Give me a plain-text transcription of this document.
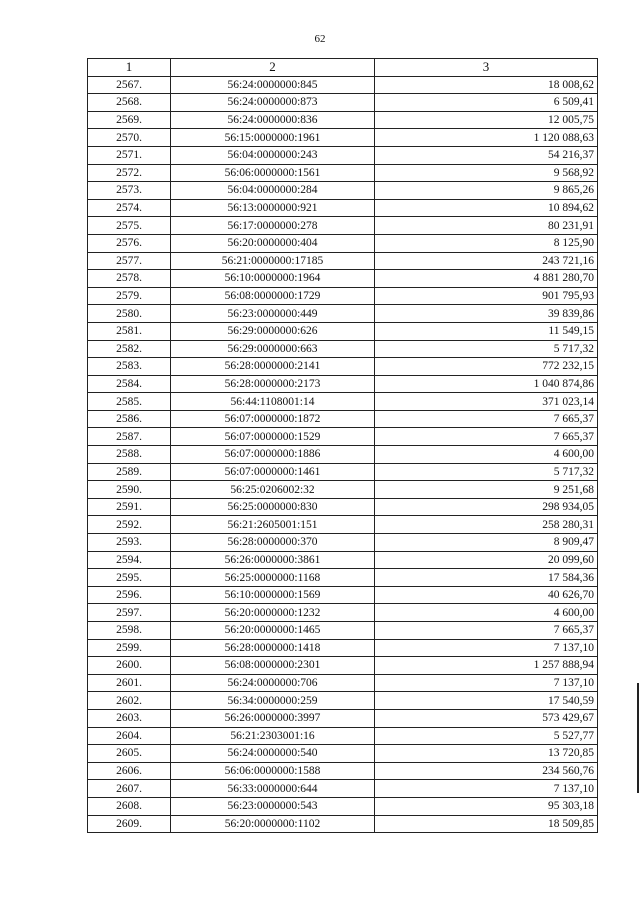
62
1	2	3
2567.	56:24:0000000:845	18 008,62
2568.	56:24:0000000:873	6 509,41
2569.	56:24:0000000:836	12 005,75
2570.	56:15:0000000:1961	1 120 088,63
2571.	56:04:0000000:243	54 216,37
2572.	56:06:0000000:1561	9 568,92
2573.	56:04:0000000:284	9 865,26
2574.	56:13:0000000:921	10 894,62
2575.	56:17:0000000:278	80 231,91
2576.	56:20:0000000:404	8 125,90
2577.	56:21:0000000:17185	243 721,16
2578.	56:10:0000000:1964	4 881 280,70
2579.	56:08:0000000:1729	901 795,93
2580.	56:23:0000000:449	39 839,86
2581.	56:29:0000000:626	11 549,15
2582.	56:29:0000000:663	5 717,32
2583.	56:28:0000000:2141	772 232,15
2584.	56:28:0000000:2173	1 040 874,86
2585.	56:44:1108001:14	371 023,14
2586.	56:07:0000000:1872	7 665,37
2587.	56:07:0000000:1529	7 665,37
2588.	56:07:0000000:1886	4 600,00
2589.	56:07:0000000:1461	5 717,32
2590.	56:25:0206002:32	9 251,68
2591.	56:25:0000000:830	298 934,05
2592.	56:21:2605001:151	258 280,31
2593.	56:28:0000000:370	8 909,47
2594.	56:26:0000000:3861	20 099,60
2595.	56:25:0000000:1168	17 584,36
2596.	56:10:0000000:1569	40 626,70
2597.	56:20:0000000:1232	4 600,00
2598.	56:20:0000000:1465	7 665,37
2599.	56:28:0000000:1418	7 137,10
2600.	56:08:0000000:2301	1 257 888,94
2601.	56:24:0000000:706	7 137,10
2602.	56:34:0000000:259	17 540,59
2603.	56:26:0000000:3997	573 429,67
2604.	56:21:2303001:16	5 527,77
2605.	56:24:0000000:540	13 720,85
2606.	56:06:0000000:1588	234 560,76
2607.	56:33:0000000:644	7 137,10
2608.	56:23:0000000:543	95 303,18
2609.	56:20:0000000:1102	18 509,85
